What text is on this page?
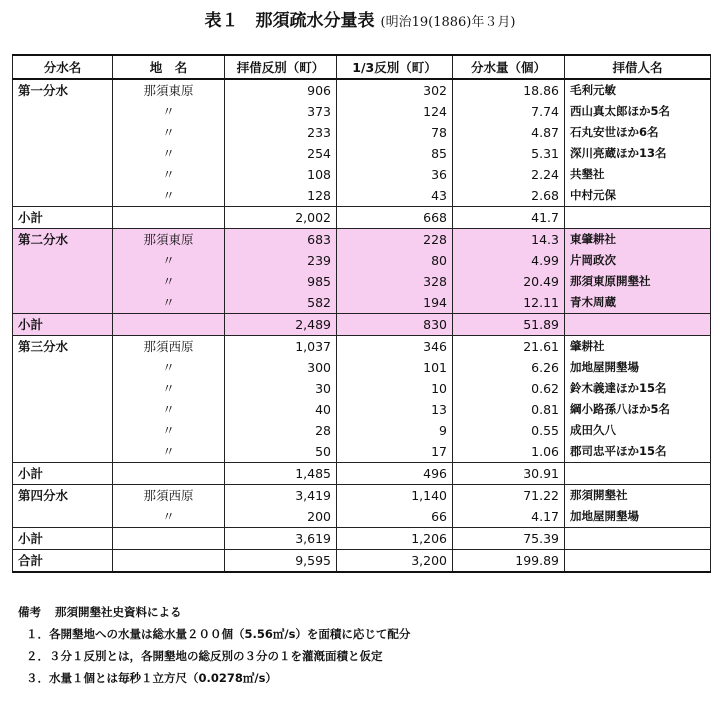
表１　那須疏水分量表 (明治19(1886)年３月)
分水名	地　名	拝借反別（町）	1/3反別（町）	分水量（個）	拝借人名
第一分水	那須東原	906	302	18.86	毛利元敏
	〃	373	124	7.74	西山真太郎ほか5名
	〃	233	78	4.87	石丸安世ほか6名
	〃	254	85	5.31	深川亮蔵ほか13名
	〃	108	36	2.24	共墾社
	〃	128	43	2.68	中村元保
小計		2,002	668	41.7	
第二分水	那須東原	683	228	14.3	東肇耕社
	〃	239	80	4.99	片岡政次
	〃	985	328	20.49	那須東原開墾社
	〃	582	194	12.11	青木周蔵
小計		2,489	830	51.89	
第三分水	那須西原	1,037	346	21.61	肇耕社
	〃	300	101	6.26	加地屋開墾場
	〃	30	10	0.62	鈴木義達ほか15名
	〃	40	13	0.81	綱小路孫八ほか5名
	〃	28	9	0.55	成田久八
	〃	50	17	1.06	郡司忠平ほか15名
小計		1,485	496	30.91	
第四分水	那須西原	3,419	1,140	71.22	那須開墾社
	〃	200	66	4.17	加地屋開墾場
小計		3,619	1,206	75.39	
合計		9,595	3,200	199.89	
備考 那須開墾社史資料による
１．各開墾地への水量は総水量２００個（5.56㎥/s）を面積に応じて配分
２．３分１反別とは，各開墾地の総反別の３分の１を灌漑面積と仮定
３．水量１個とは毎秒１立方尺（0.0278㎥/s）
